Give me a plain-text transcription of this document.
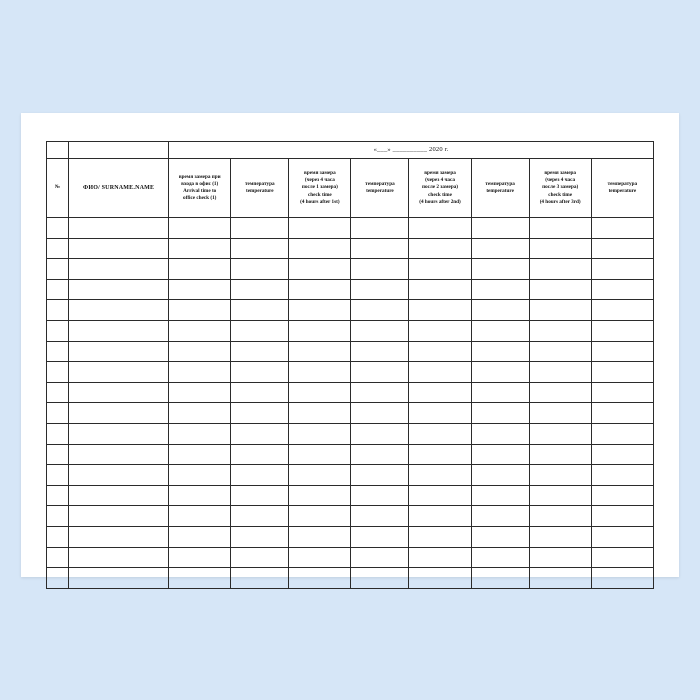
		«___» __________ 2020 г.							

№	ФИО/ SURNAME.NAME	время замера при
входа в офис (1)
Arrival time to
office check (1)	температура
temperature	время замера
(через 4 часа
после 1 замера)
check time
(4 hours after 1st)	температура
temperature	время замера
(через 4 часа
после 2 замера)
check time
(4 hours after 2nd)	температура
temperature	время замера
(через 4 часа
после 3 замера)
check time
(4 hours after 3rd)	температура
temperature
